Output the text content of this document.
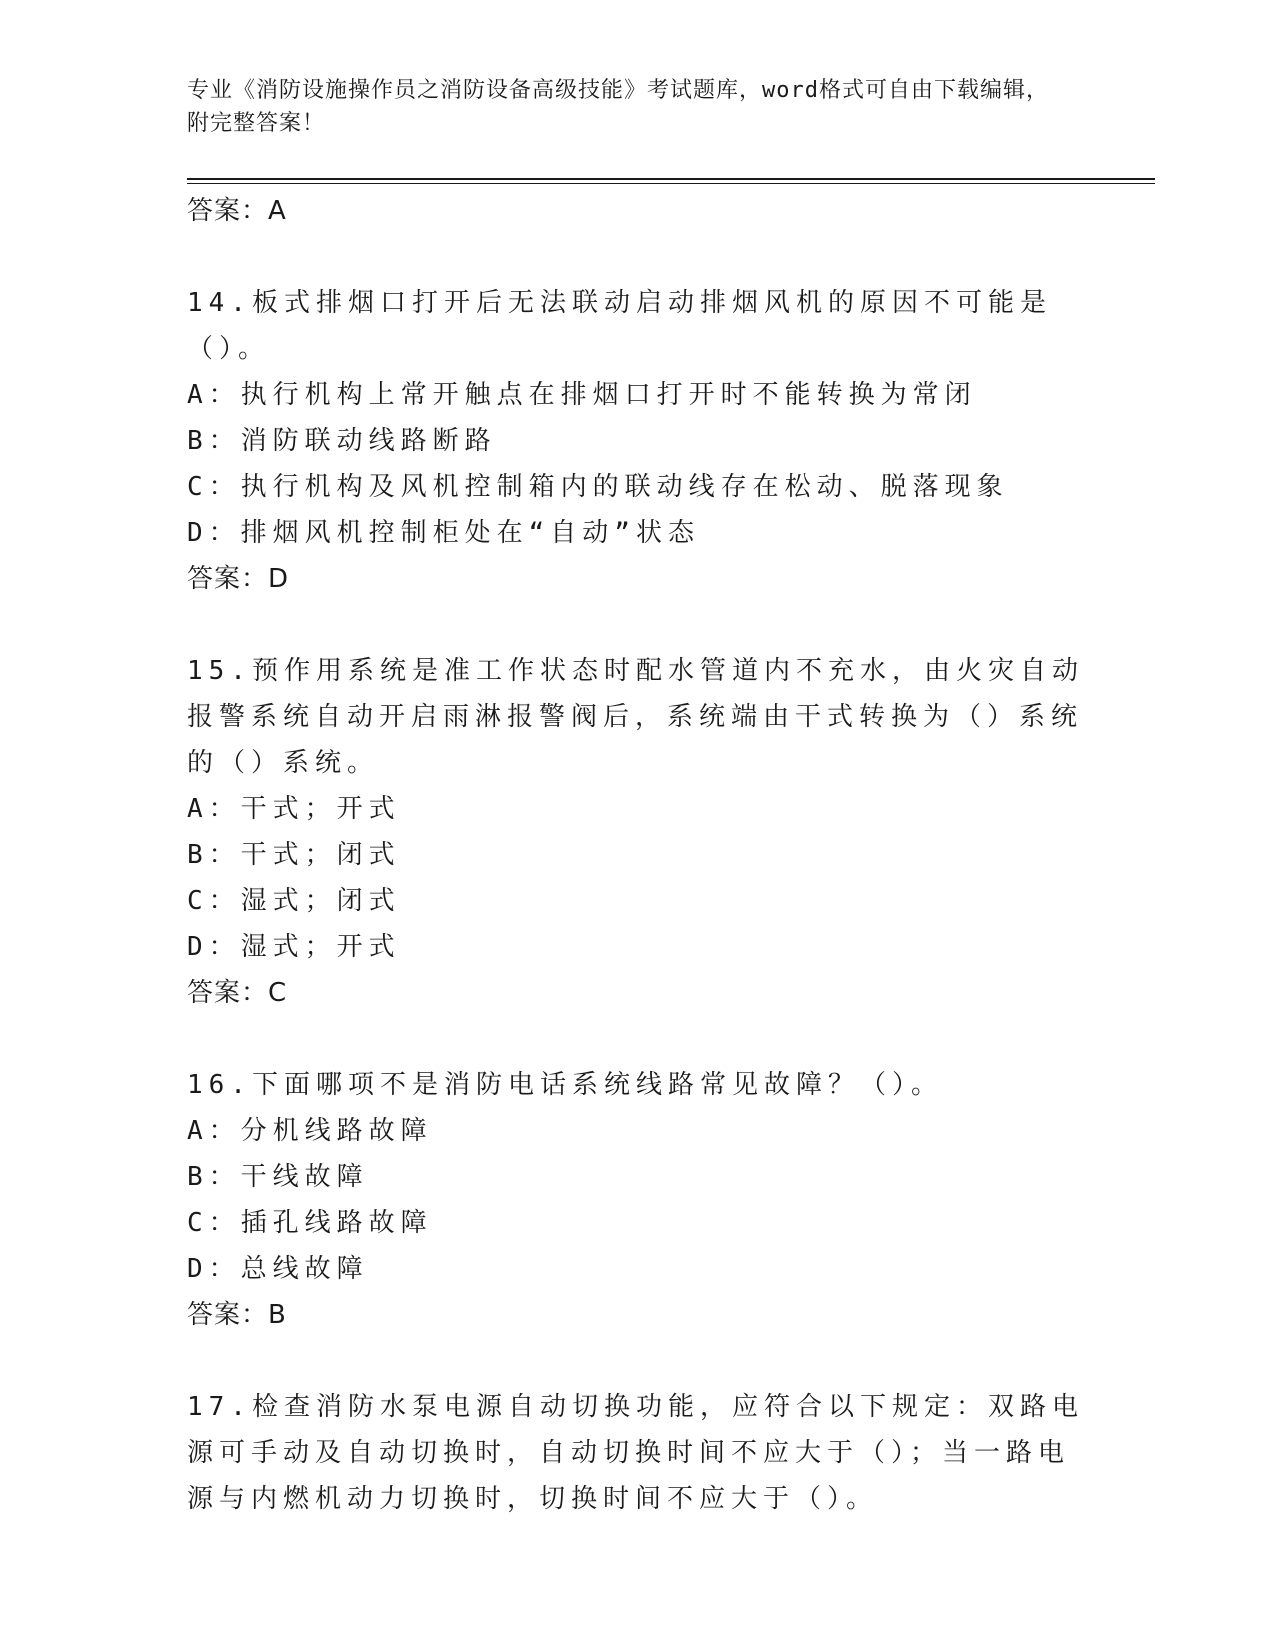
专业《消防设施操作员之消防设备高级技能》考试题库，word格式可自由下载编辑，附完整答案！
答案：A

14.板式排烟口打开后无法联动启动排烟风机的原因不可能是（）。

A：执行机构上常开触点在排烟口打开时不能转换为常闭
B：消防联动线路断路
C：执行机构及风机控制箱内的联动线存在松动、脱落现象
D：排烟风机控制柜处在“自动”状态
答案：D

15.预作用系统是准工作状态时配水管道内不充水，由火灾自动报警系统自动开启雨淋报警阀后，系统端由干式转换为（）系统的（）系统。

A：干式；开式
B：干式；闭式
C：湿式；闭式
D：湿式；开式
答案：C

16.下面哪项不是消防电话系统线路常见故障？（）。

A：分机线路故障
B：干线故障
C：插孔线路故障
D：总线故障
答案：B

17.检查消防水泵电源自动切换功能，应符合以下规定：双路电源可手动及自动切换时，自动切换时间不应大于（）；当一路电源与内燃机动力切换时，切换时间不应大于（）。
